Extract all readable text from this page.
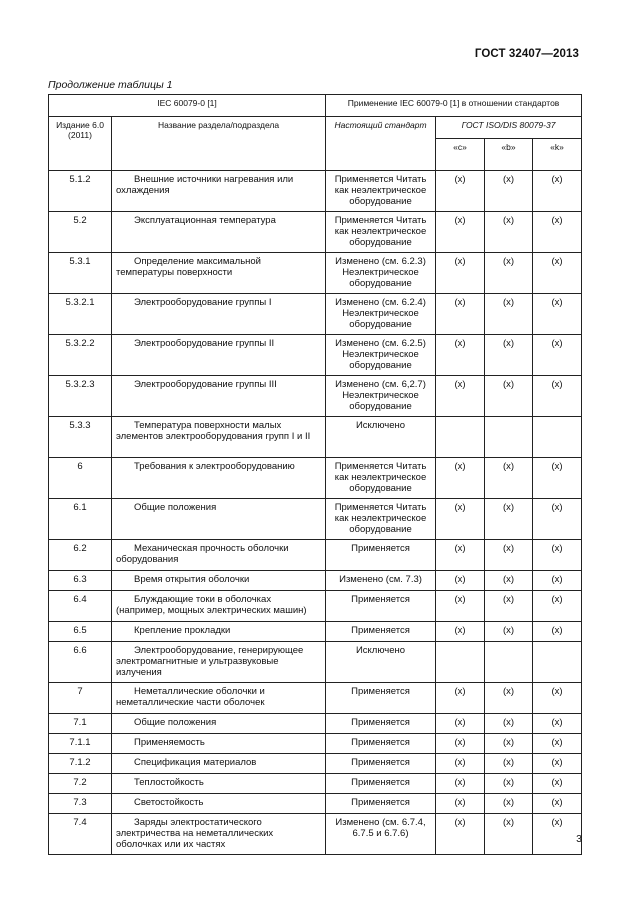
ГОСТ 32407—2013
Продолжение таблицы 1
IEC 60079-0 [1]		Применение IEC 60079-0 [1] в отношении стандартов			
Издание 6.0 (2011)	Название раздела/подраздела	Настоящий стандарт	ГОСТ ISO/DIS 80079-37		
			«c»	«b»	«k»

5.1.2	Внешние источники нагревания или охлаждения	Применяется Читать как неэлектрическое оборудование	(x)	(x)	(x)
5.2	Эксплуатационная температура	Применяется Читать как неэлектрическое оборудование	(x)	(x)	(x)
5.3.1	Определение максимальной температуры поверхности	Изменено (см. 6.2.3) Неэлектрическое оборудование	(x)	(x)	(x)
5.3.2.1	Электрооборудование группы I	Изменено (см. 6.2.4) Неэлектрическое оборудование	(x)	(x)	(x)
5.3.2.2	Электрооборудование группы II	Изменено (см. 6.2.5) Неэлектрическое оборудование	(x)	(x)	(x)
5.3.2.3	Электрооборудование группы III	Изменено (см. 6,2.7) Неэлектрическое оборудование	(x)	(x)	(x)
5.3.3	Температура поверхности малых элементов электрооборудования групп I и II	Исключено			
6	Требования к электрооборудованию	Применяется Читать как неэлектрическое оборудование	(x)	(x)	(x)
6.1	Общие положения	Применяется Читать как неэлектрическое оборудование	(x)	(x)	(x)
6.2	Механическая прочность оболочки оборудования	Применяется	(x)	(x)	(x)
6.3	Время открытия оболочки	Изменено (см. 7.3)	(x)	(x)	(x)
6.4	Блуждающие токи в оболочках (например, мощных электрических машин)	Применяется	(x)	(x)	(x)
6.5	Крепление прокладки	Применяется	(x)	(x)	(x)
6.6	Электрооборудование, генерирующее электромагнитные и ультразвуковые излучения	Исключено			
7	Неметаллические оболочки и неметаллические части оболочек	Применяется	(x)	(x)	(x)
7.1	Общие положения	Применяется	(x)	(x)	(x)
7.1.1	Применяемость	Применяется	(x)	(x)	(x)
7.1.2	Спецификация материалов	Применяется	(x)	(x)	(x)
7.2	Теплостойкость	Применяется	(x)	(x)	(x)
7.3	Светостойкость	Применяется	(x)	(x)	(x)
7.4	Заряды электростатического электричества на неметаллических оболочках или их частях	Изменено (см. 6.7.4, 6.7.5 и 6.7.6)	(x)	(x)	(x)
3
